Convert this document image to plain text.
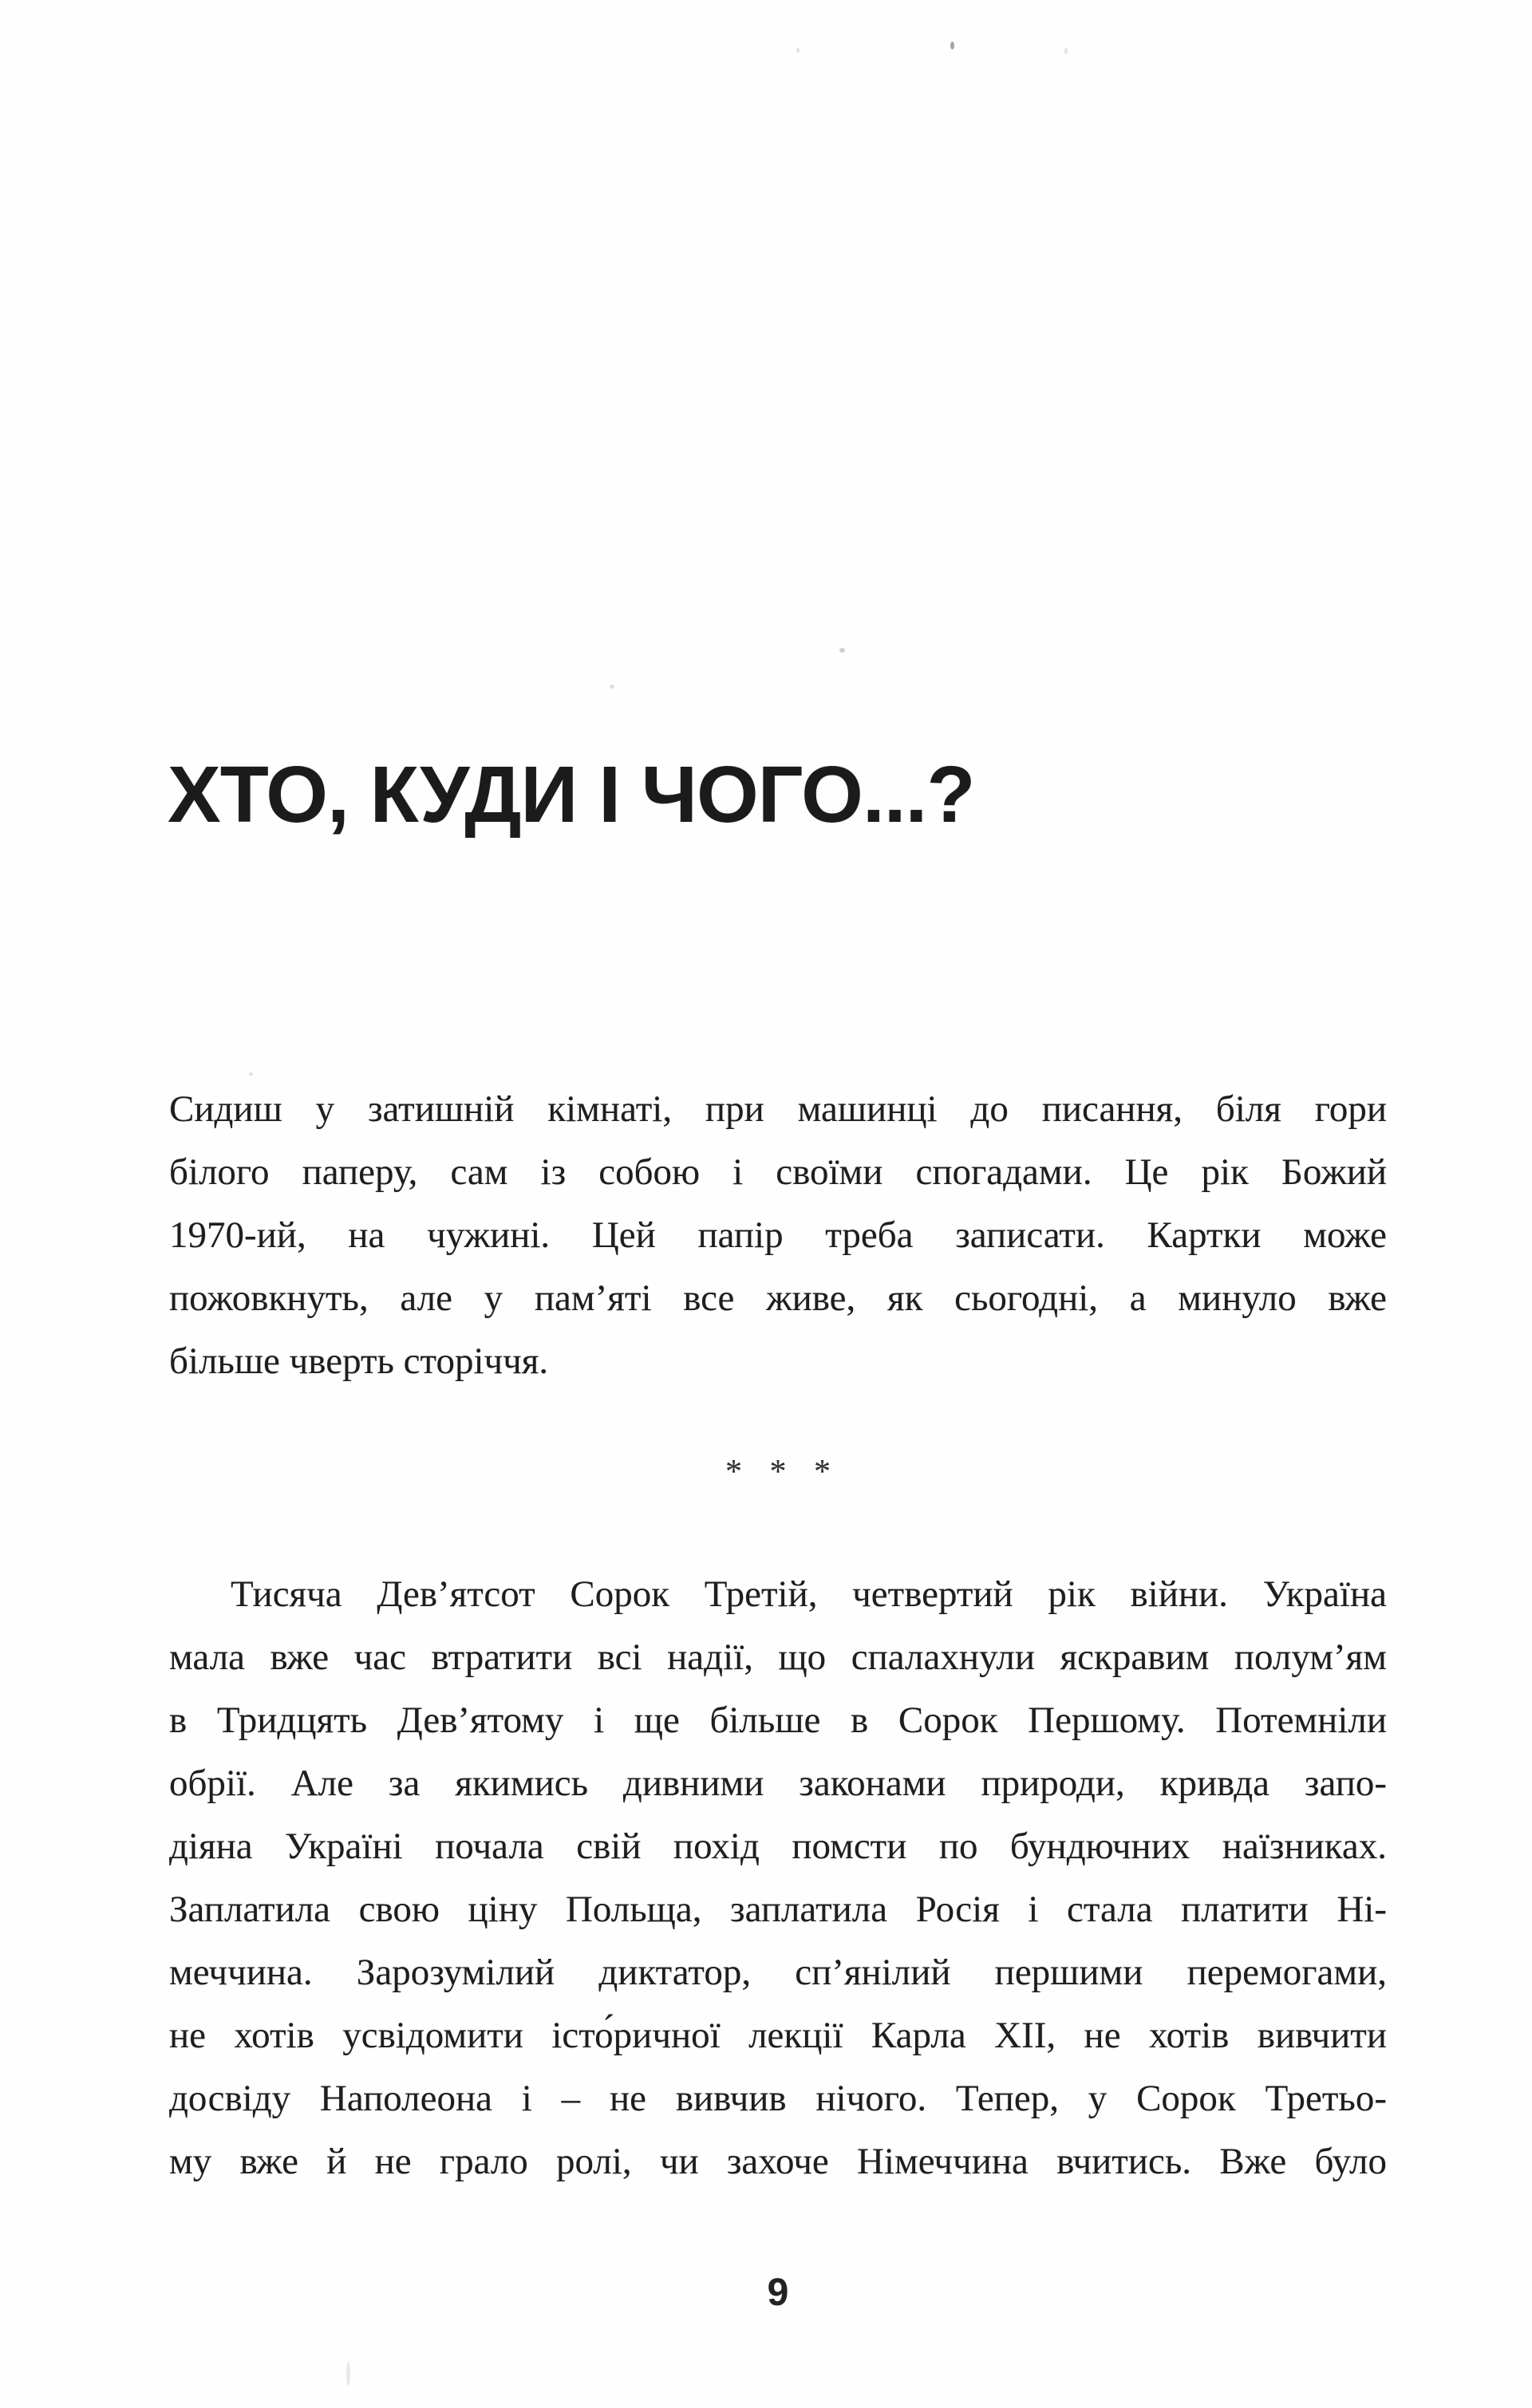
ХТО, КУДИ І ЧОГО...?
Сидиш у затишній кімнаті, при машинці до писання, біля гори
білого паперу, сам із собою і своїми спогадами. Це рік Божий
1970-ий, на чужині. Цей папір треба записати. Картки може
пожовкнуть, але у пам’яті все живе, як сьогодні, а минуло вже
більше чверть сторіччя.
* * *
Тисяча Дев’ятсот Сорок Третій, четвертий рік війни. Україна
мала вже час втратити всі надії, що спалахнули яскравим полум’ям
в Тридцять Дев’ятому і ще більше в Сорок Першому. Потемніли
обрії. Але за якимись дивними законами природи, кривда запо-
діяна Україні почала свій похід помсти по бундючних наїзниках.
Заплатила свою ціну Польща, заплатила Росія і стала платити Ні-
меччина. Зарозумілий диктатор, сп’янілий першими перемогами,
не хотів усвідомити істо́ричної лекції Карла XII, не хотів вивчити
досвіду Наполеона і – не вивчив нічого. Тепер, у Сорок Третьо-
му вже й не грало ролі, чи захоче Німеччина вчитись. Вже було
9
